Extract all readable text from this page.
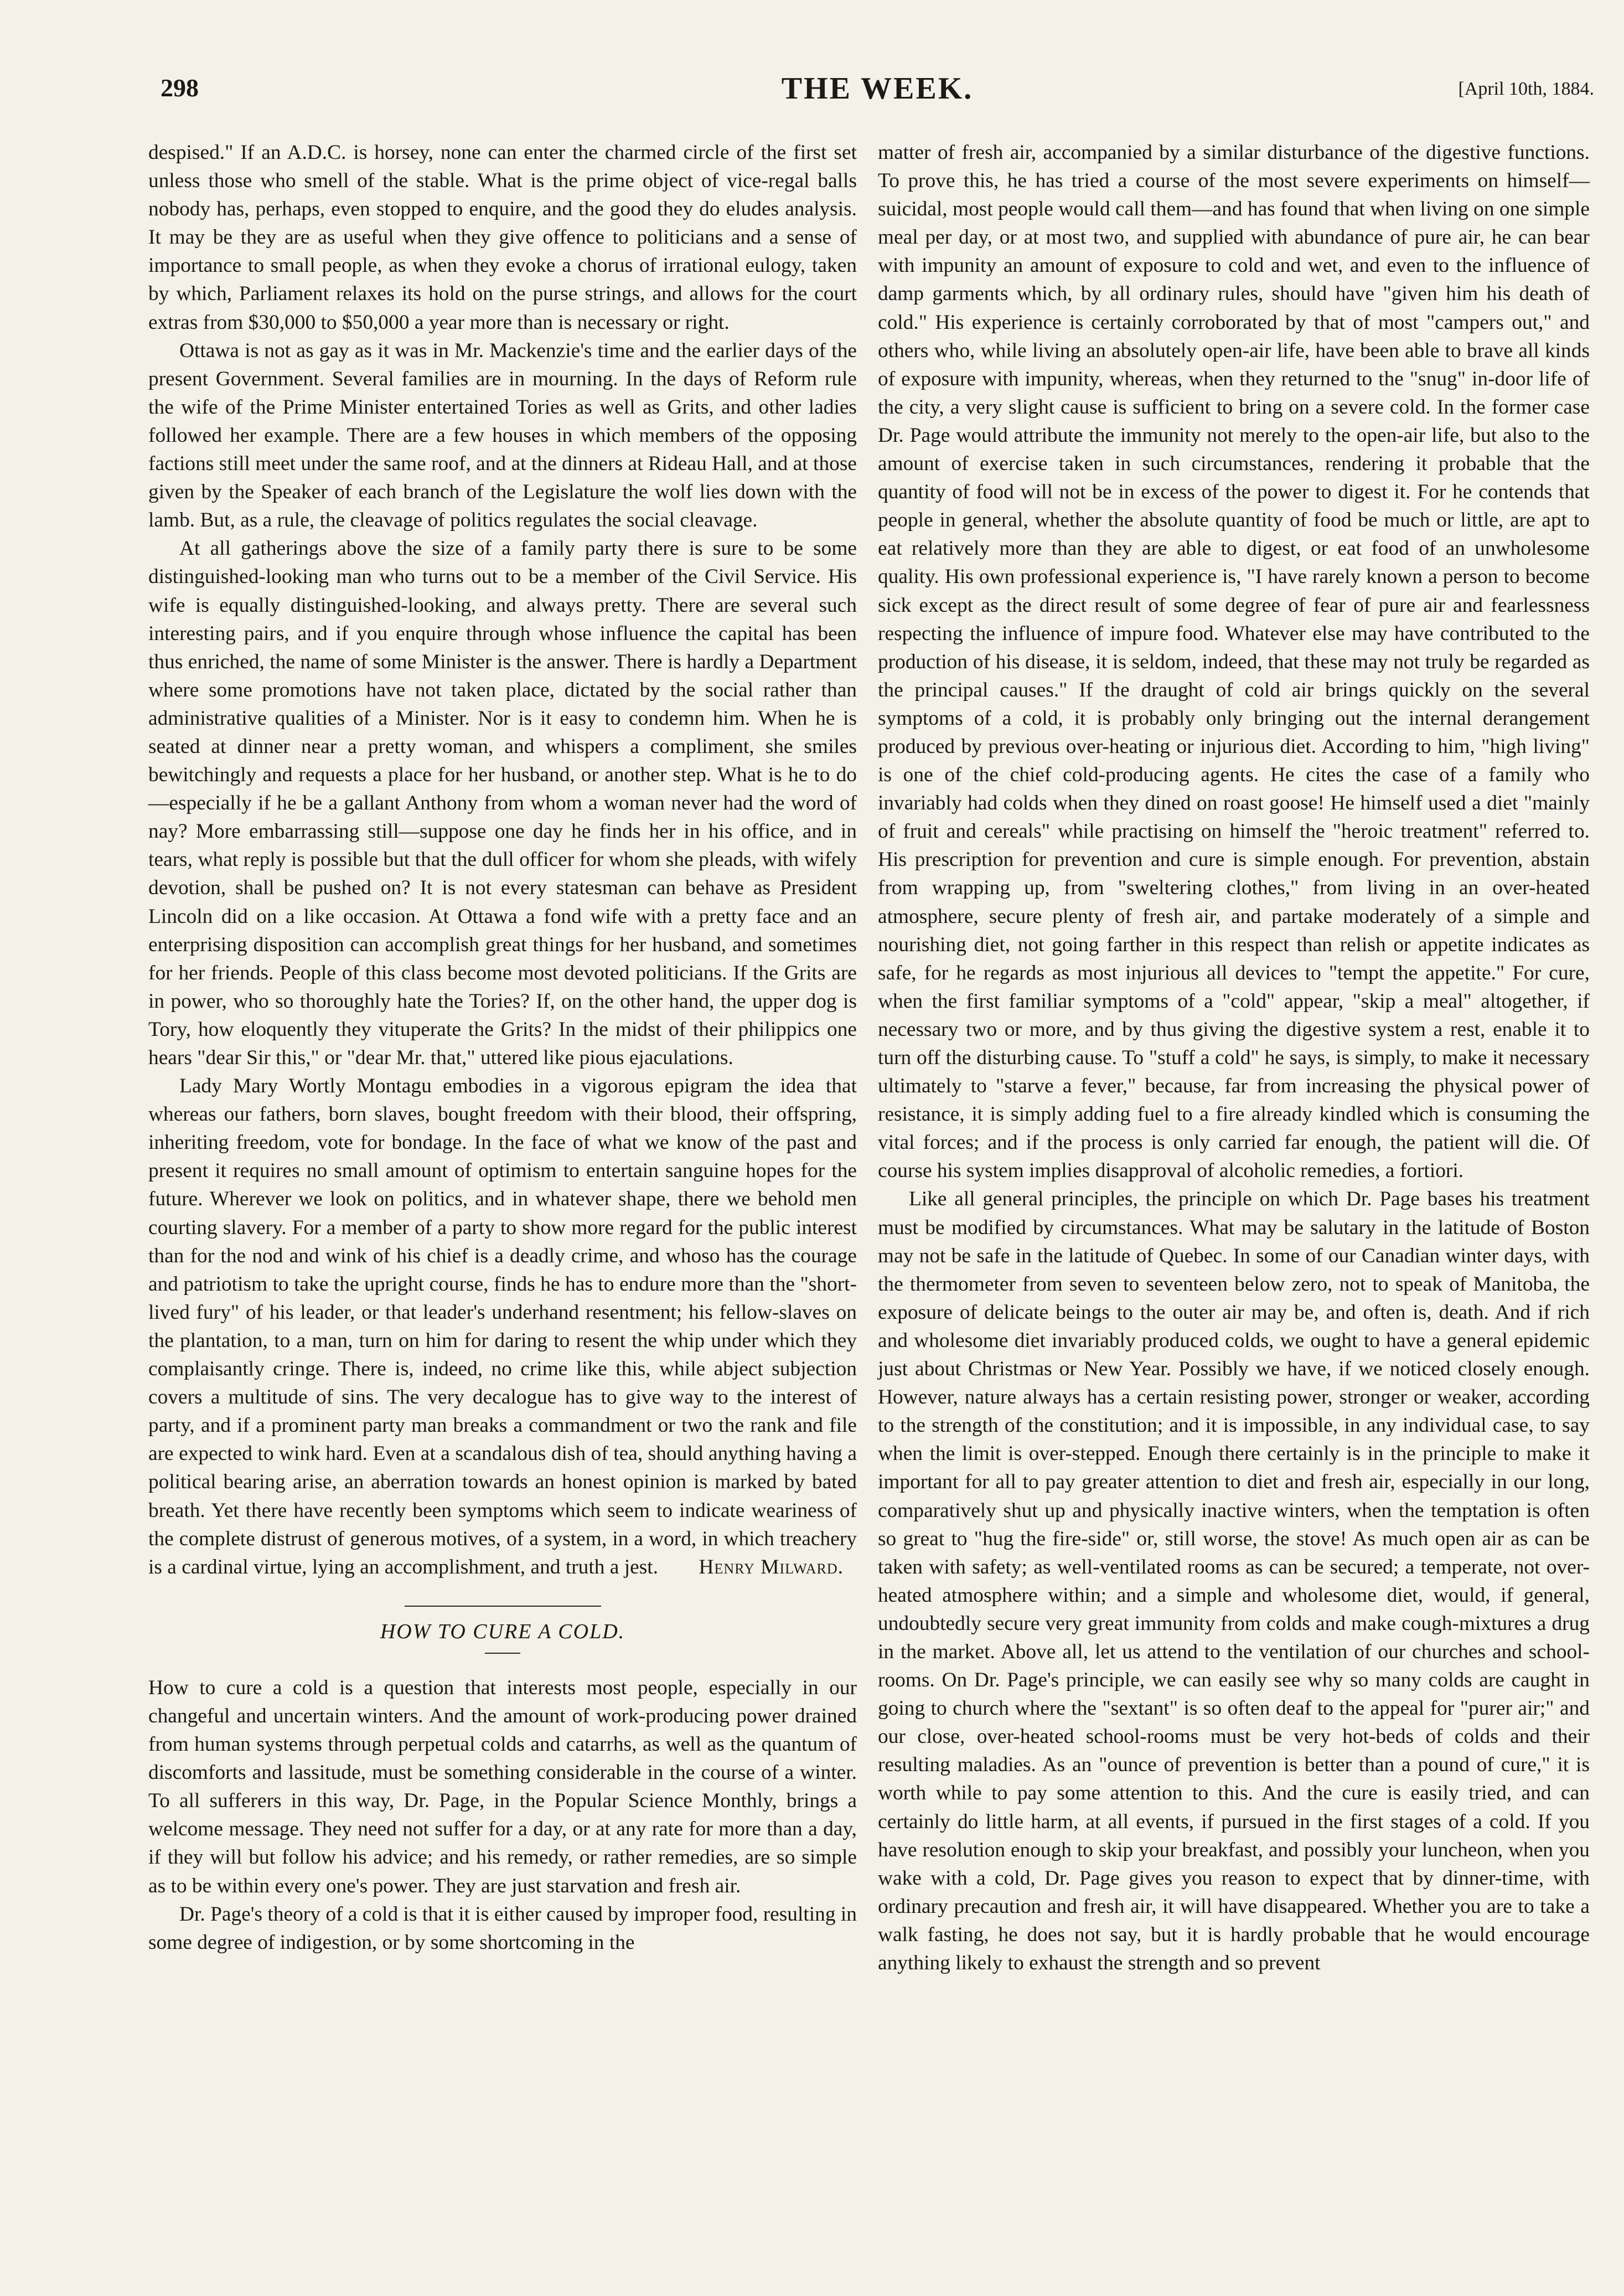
298	THE WEEK.	[April 10th, 1884.

despised." If an A.D.C. is horsey, none can enter the charmed circle of the first set unless those who smell of the stable. What is the prime object of vice-regal balls nobody has, perhaps, even stopped to enquire, and the good they do eludes analysis. It may be they are as useful when they give offence to politicians and a sense of importance to small people, as when they evoke a chorus of irrational eulogy, taken by which, Parliament relaxes its hold on the purse strings, and allows for the court extras from $30,000 to $50,000 a year more than is necessary or right.

Ottawa is not as gay as it was in Mr. Mackenzie's time and the earlier days of the present Government. Several families are in mourning. In the days of Reform rule the wife of the Prime Minister entertained Tories as well as Grits, and other ladies followed her example. There are a few houses in which members of the opposing factions still meet under the same roof, and at the dinners at Rideau Hall, and at those given by the Speaker of each branch of the Legislature the wolf lies down with the lamb. But, as a rule, the cleavage of politics regulates the social cleavage.

At all gatherings above the size of a family party there is sure to be some distinguished-looking man who turns out to be a member of the Civil Service. His wife is equally distinguished-looking, and always pretty. There are several such interesting pairs, and if you enquire through whose influence the capital has been thus enriched, the name of some Minister is the answer. There is hardly a Department where some promotions have not taken place, dictated by the social rather than administrative qualities of a Minister. Nor is it easy to condemn him. When he is seated at dinner near a pretty woman, and whispers a compliment, she smiles bewitchingly and requests a place for her husband, or another step. What is he to do—especially if he be a gallant Anthony from whom a woman never had the word of nay? More embarrassing still—suppose one day he finds her in his office, and in tears, what reply is possible but that the dull officer for whom she pleads, with wifely devotion, shall be pushed on? It is not every statesman can behave as President Lincoln did on a like occasion. At Ottawa a fond wife with a pretty face and an enterprising disposition can accomplish great things for her husband, and sometimes for her friends. People of this class become most devoted politicians. If the Grits are in power, who so thoroughly hate the Tories? If, on the other hand, the upper dog is Tory, how eloquently they vituperate the Grits? In the midst of their philippics one hears "dear Sir this," or "dear Mr. that," uttered like pious ejaculations.

Lady Mary Wortly Montagu embodies in a vigorous epigram the idea that whereas our fathers, born slaves, bought freedom with their blood, their offspring, inheriting freedom, vote for bondage. In the face of what we know of the past and present it requires no small amount of optimism to entertain sanguine hopes for the future. Wherever we look on politics, and in whatever shape, there we behold men courting slavery. For a member of a party to show more regard for the public interest than for the nod and wink of his chief is a deadly crime, and whoso has the courage and patriotism to take the upright course, finds he has to endure more than the "short-lived fury" of his leader, or that leader's underhand resentment; his fellow-slaves on the plantation, to a man, turn on him for daring to resent the whip under which they complaisantly cringe. There is, indeed, no crime like this, while abject subjection covers a multitude of sins. The very decalogue has to give way to the interest of party, and if a prominent party man breaks a commandment or two the rank and file are expected to wink hard. Even at a scandalous dish of tea, should anything having a political bearing arise, an aberration towards an honest opinion is marked by bated breath. Yet there have recently been symptoms which seem to indicate weariness of the complete distrust of generous motives, of a system, in a word, in which treachery is a cardinal virtue, lying an accomplishment, and truth a jest.	Henry Milward.

HOW TO CURE A COLD.

How to cure a cold is a question that interests most people, especially in our changeful and uncertain winters. And the amount of work-producing power drained from human systems through perpetual colds and catarrhs, as well as the quantum of discomforts and lassitude, must be something considerable in the course of a winter. To all sufferers in this way, Dr. Page, in the Popular Science Monthly, brings a welcome message. They need not suffer for a day, or at any rate for more than a day, if they will but follow his advice; and his remedy, or rather remedies, are so simple as to be within every one's power. They are just starvation and fresh air.

Dr. Page's theory of a cold is that it is either caused by improper food, resulting in some degree of indigestion, or by some shortcoming in the

matter of fresh air, accompanied by a similar disturbance of the digestive functions. To prove this, he has tried a course of the most severe experiments on himself—suicidal, most people would call them—and has found that when living on one simple meal per day, or at most two, and supplied with abundance of pure air, he can bear with impunity an amount of exposure to cold and wet, and even to the influence of damp garments which, by all ordinary rules, should have "given him his death of cold." His experience is certainly corroborated by that of most "campers out," and others who, while living an absolutely open-air life, have been able to brave all kinds of exposure with impunity, whereas, when they returned to the "snug" in-door life of the city, a very slight cause is sufficient to bring on a severe cold. In the former case Dr. Page would attribute the immunity not merely to the open-air life, but also to the amount of exercise taken in such circumstances, rendering it probable that the quantity of food will not be in excess of the power to digest it. For he contends that people in general, whether the absolute quantity of food be much or little, are apt to eat relatively more than they are able to digest, or eat food of an unwholesome quality. His own professional experience is, "I have rarely known a person to become sick except as the direct result of some degree of fear of pure air and fearlessness respecting the influence of impure food. Whatever else may have contributed to the production of his disease, it is seldom, indeed, that these may not truly be regarded as the principal causes." If the draught of cold air brings quickly on the several symptoms of a cold, it is probably only bringing out the internal derangement produced by previous over-heating or injurious diet. According to him, "high living" is one of the chief cold-producing agents. He cites the case of a family who invariably had colds when they dined on roast goose! He himself used a diet "mainly of fruit and cereals" while practising on himself the "heroic treatment" referred to. His prescription for prevention and cure is simple enough. For prevention, abstain from wrapping up, from "sweltering clothes," from living in an over-heated atmosphere, secure plenty of fresh air, and partake moderately of a simple and nourishing diet, not going farther in this respect than relish or appetite indicates as safe, for he regards as most injurious all devices to "tempt the appetite." For cure, when the first familiar symptoms of a "cold" appear, "skip a meal" altogether, if necessary two or more, and by thus giving the digestive system a rest, enable it to turn off the disturbing cause. To "stuff a cold" he says, is simply, to make it necessary ultimately to "starve a fever," because, far from increasing the physical power of resistance, it is simply adding fuel to a fire already kindled which is consuming the vital forces; and if the process is only carried far enough, the patient will die. Of course his system implies disapproval of alcoholic remedies, a fortiori.

Like all general principles, the principle on which Dr. Page bases his treatment must be modified by circumstances. What may be salutary in the latitude of Boston may not be safe in the latitude of Quebec. In some of our Canadian winter days, with the thermometer from seven to seventeen below zero, not to speak of Manitoba, the exposure of delicate beings to the outer air may be, and often is, death. And if rich and wholesome diet invariably produced colds, we ought to have a general epidemic just about Christmas or New Year. Possibly we have, if we noticed closely enough. However, nature always has a certain resisting power, stronger or weaker, according to the strength of the constitution; and it is impossible, in any individual case, to say when the limit is over-stepped. Enough there certainly is in the principle to make it important for all to pay greater attention to diet and fresh air, especially in our long, comparatively shut up and physically inactive winters, when the temptation is often so great to "hug the fire-side" or, still worse, the stove! As much open air as can be taken with safety; as well-ventilated rooms as can be secured; a temperate, not over-heated atmosphere within; and a simple and wholesome diet, would, if general, undoubtedly secure very great immunity from colds and make cough-mixtures a drug in the market. Above all, let us attend to the ventilation of our churches and school-rooms. On Dr. Page's principle, we can easily see why so many colds are caught in going to church where the "sextant" is so often deaf to the appeal for "purer air;" and our close, over-heated school-rooms must be very hot-beds of colds and their resulting maladies. As an "ounce of prevention is better than a pound of cure," it is worth while to pay some attention to this. And the cure is easily tried, and can certainly do little harm, at all events, if pursued in the first stages of a cold. If you have resolution enough to skip your breakfast, and possibly your luncheon, when you wake with a cold, Dr. Page gives you reason to expect that by dinner-time, with ordinary precaution and fresh air, it will have disappeared. Whether you are to take a walk fasting, he does not say, but it is hardly probable that he would encourage anything likely to exhaust the strength and so prevent
